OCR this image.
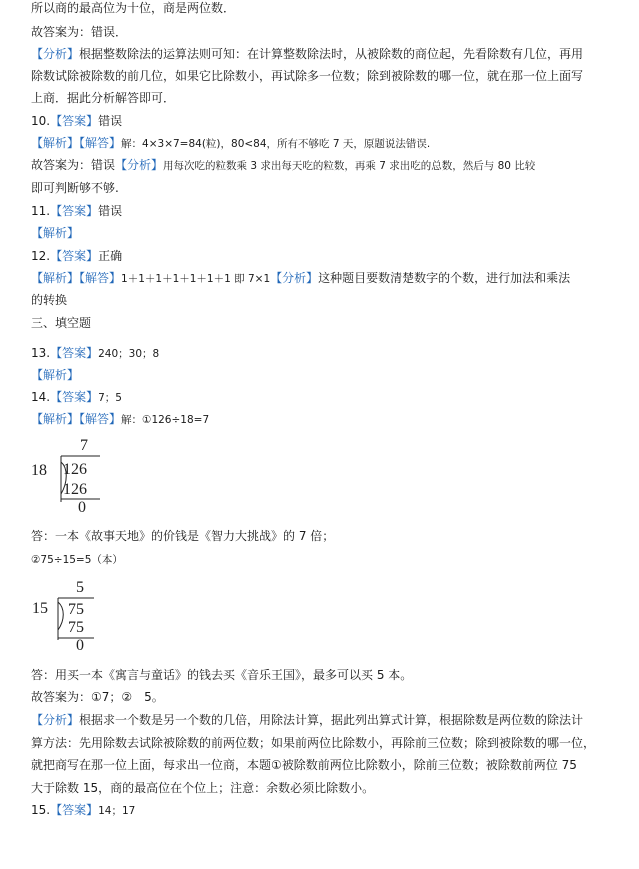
所以商的最高位为十位，商是两位数．
故答案为：错误．
【分析】根据整数除法的运算法则可知：在计算整数除法时，从被除数的商位起，先看除数有几位，再用
除数试除被除数的前几位，如果它比除数小，再试除多一位数；除到被除数的哪一位，就在那一位上面写
上商．据此分析解答即可．
10.【答案】错误
【解析】【解答】解：4×3×7=84(粒)，80<84，所有不够吃 7 天，原题说法错误.
故答案为：错误【分析】用每次吃的粒数乘 3 求出每天吃的粒数，再乘 7 求出吃的总数，然后与 80 比较
即可判断够不够.
11.【答案】错误
【解析】
12.【答案】正确
【解析】【解答】1＋1＋1＋1＋1＋1＋1 即 7×1【分析】这种题目要数清楚数字的个数，进行加法和乘法
的转换
三、填空题
13.【答案】240；30；8
【解析】
14.【答案】7；5
【解析】【解答】解：①126÷18=7
7
18 126
126
0
答：一本《故事天地》的价钱是《智力大挑战》的 7 倍；
②75÷15=5（本）
5
15 75
75
0
答：用买一本《寓言与童话》的钱去买《音乐王国》，最多可以买 5 本。
故答案为：①7；②　5。
【分析】根据求一个数是另一个数的几倍，用除法计算，据此列出算式计算，根据除数是两位数的除法计
算方法：先用除数去试除被除数的前两位数；如果前两位比除数小，再除前三位数；除到被除数的哪一位，
就把商写在那一位上面，每求出一位商，本题①被除数前两位比除数小，除前三位数；被除数前两位 75
大于除数 15，商的最高位在个位上；注意：余数必须比除数小。
15.【答案】14；17
